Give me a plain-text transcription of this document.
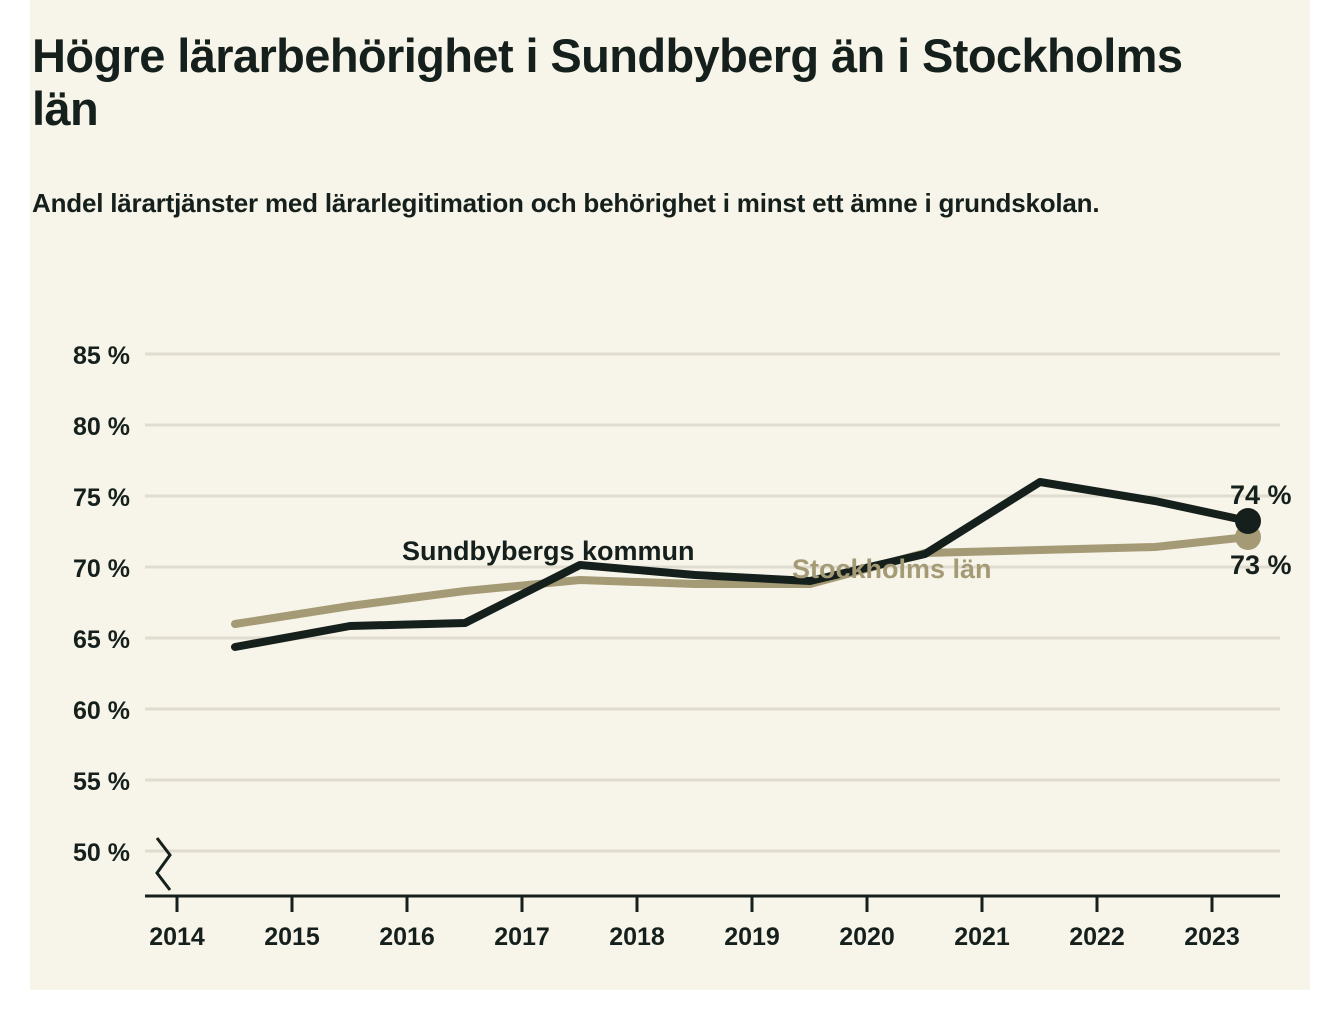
Högre lärarbehörighet i Sundbyberg än i Stockholms län
Andel lärartjänster med lärarlegitimation och behörighet i minst ett ämne i grundskolan.
85 %
80 %
75 %
70 %
65 %
60 %
55 %
50 %
2014 2015 2016 2017 2018 2019 2020 2021 2022 2023
Sundbybergs kommun
Stockholms län
74 %
73 %
